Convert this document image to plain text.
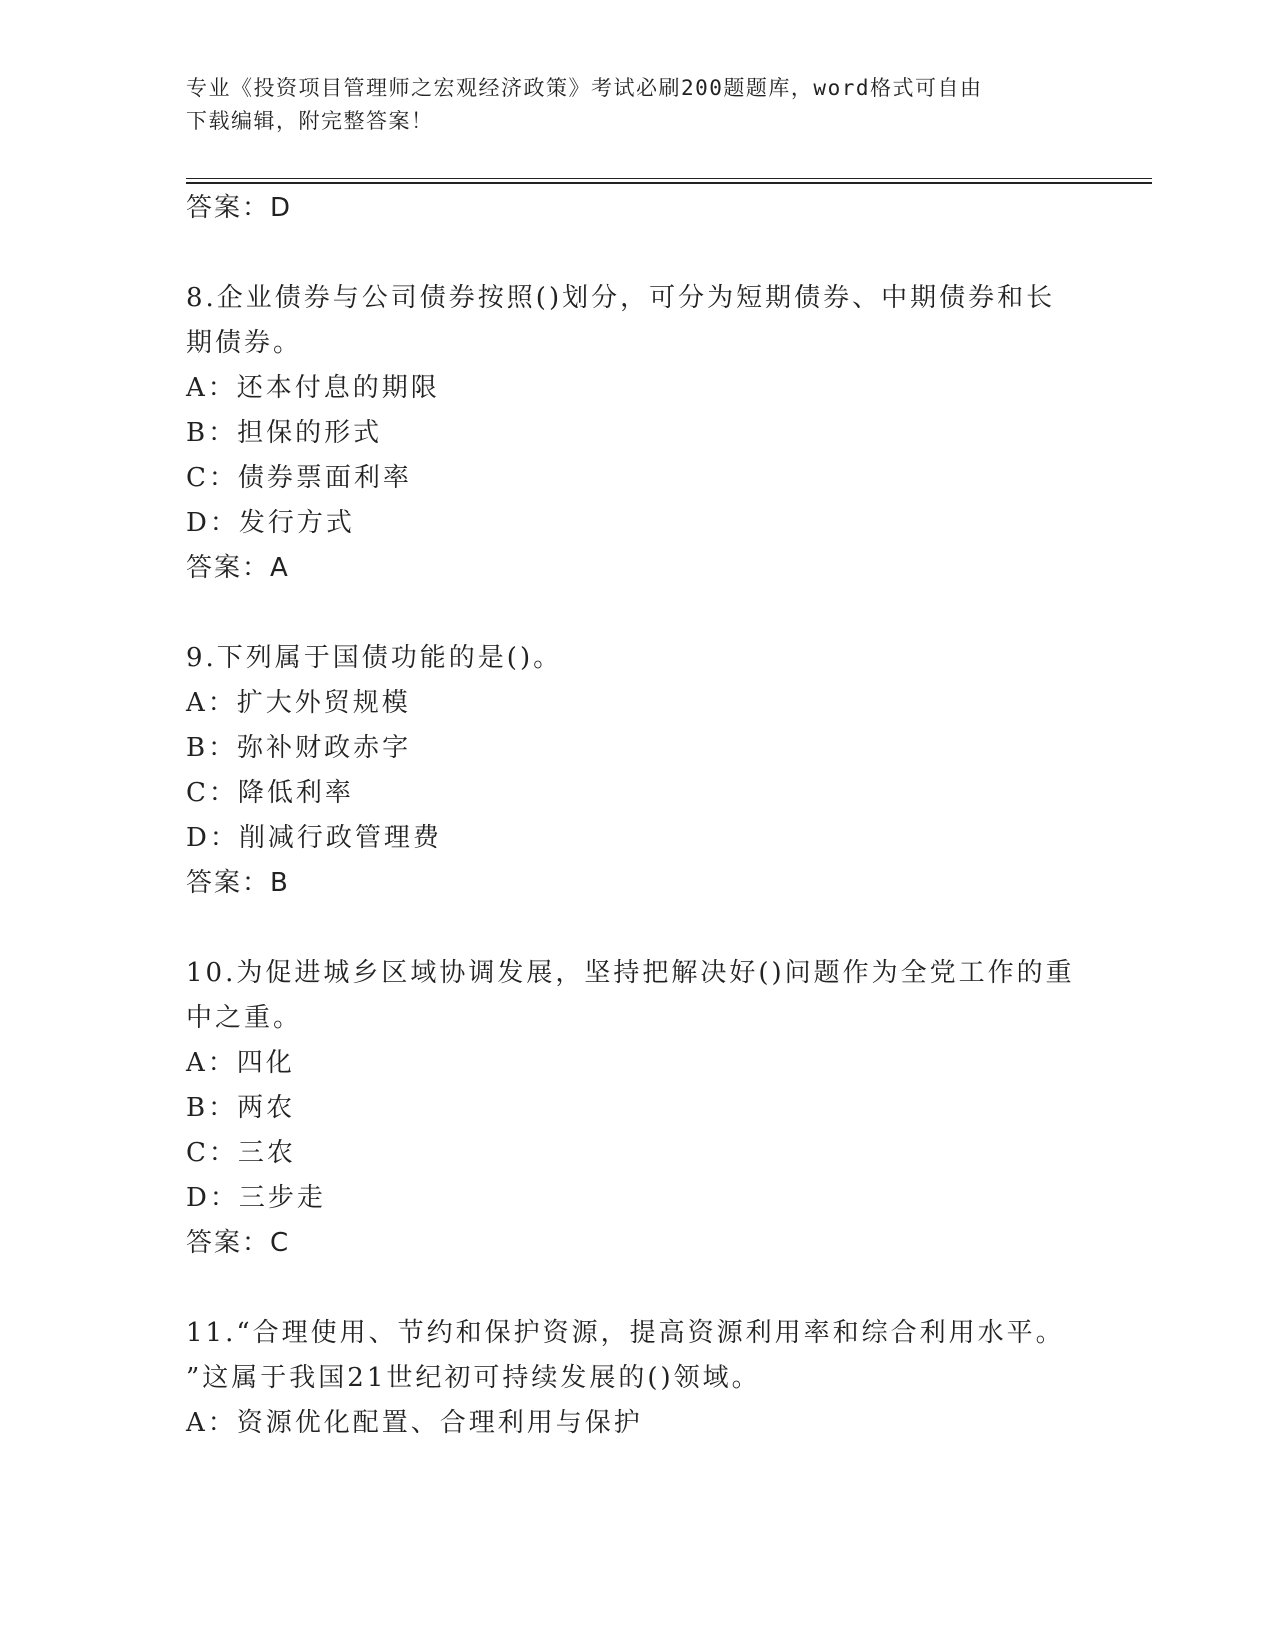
专业《投资项目管理师之宏观经济政策》考试必刷200题题库，word格式可自由
下载编辑，附完整答案！
答案：D
8.企业债券与公司债券按照()划分，可分为短期债券、中期债券和长
期债券。
A：还本付息的期限
B：担保的形式
C：债券票面利率
D：发行方式
答案：A
9.下列属于国债功能的是()。
A：扩大外贸规模
B：弥补财政赤字
C：降低利率
D：削减行政管理费
答案：B
10.为促进城乡区域协调发展，坚持把解决好()问题作为全党工作的重
中之重。
A：四化
B：两农
C：三农
D：三步走
答案：C
11.“合理使用、节约和保护资源，提高资源利用率和综合利用水平。
”这属于我国21世纪初可持续发展的()领域。
A：资源优化配置、合理利用与保护
